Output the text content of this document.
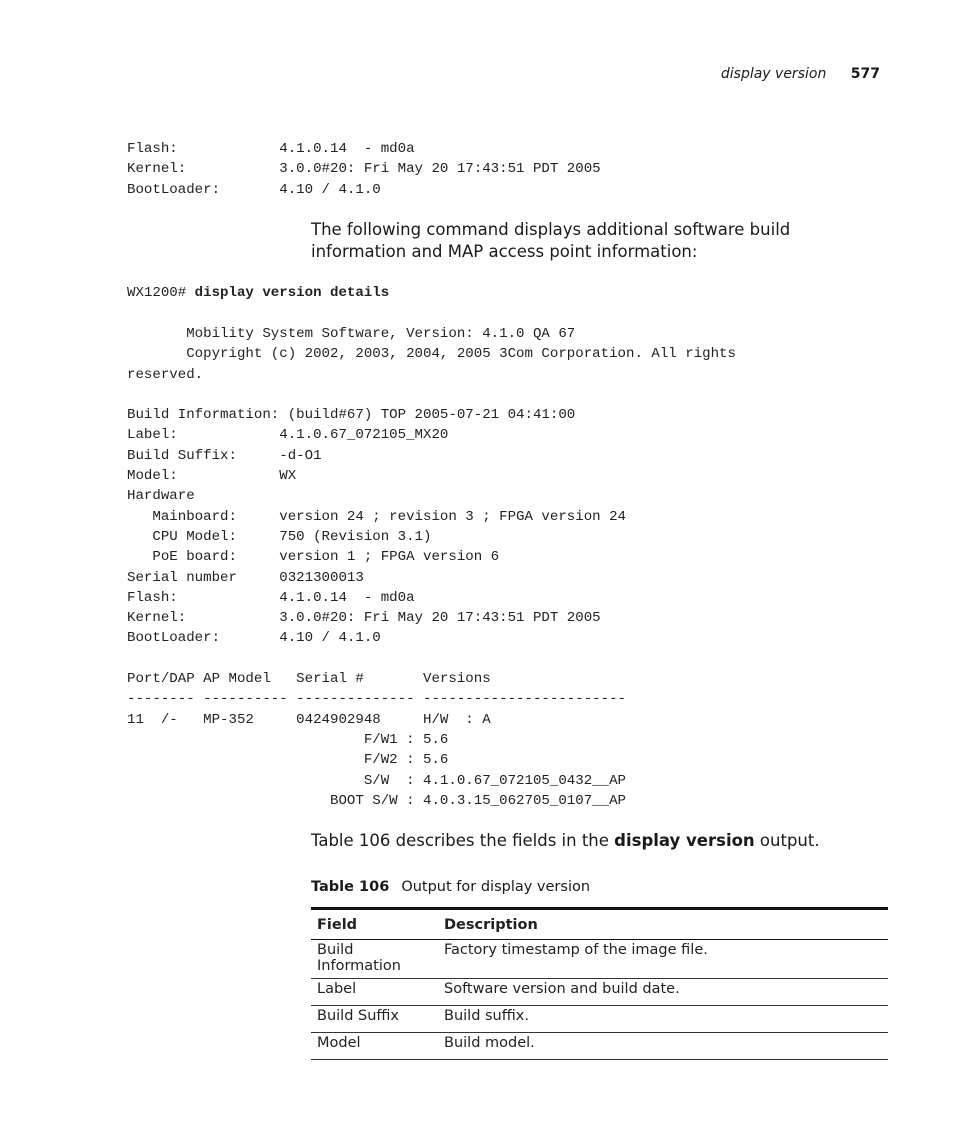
display version 577
Flash:            4.1.0.14  - md0a
Kernel:           3.0.0#20: Fri May 20 17:43:51 PDT 2005
BootLoader:       4.10 / 4.1.0

The following command displays additional software build information and MAP access point information:

WX1200# display version details
Mobility System Software, Version: 4.1.0 QA 67
Copyright (c) 2002, 2003, 2004, 2005 3Com Corporation. All rights
reserved.

Build Information: (build#67) TOP 2005-07-21 04:41:00
Label:            4.1.0.67_072105_MX20
Build Suffix:     -d-O1
Model:            WX
Hardware
Mainboard:     version 24 ; revision 3 ; FPGA version 24
CPU Model:     750 (Revision 3.1)
PoE board:     version 1 ; FPGA version 6
Serial number     0321300013
Flash:            4.1.0.14  - md0a
Kernel:           3.0.0#20: Fri May 20 17:43:51 PDT 2005
BootLoader:       4.10 / 4.1.0

Port/DAP AP Model   Serial #       Versions
-------- ---------- -------------- ------------------------
11  /-   MP-352     0424902948     H/W  : A
F/W1 : 5.6
F/W2 : 5.6
S/W  : 4.1.0.67_072105_0432__AP
BOOT S/W : 4.0.3.15_062705_0107__AP

Table 106 describes the fields in the display version output.

Table 106 Output for display version
Field	Description
Build Information	Factory timestamp of the image file.
Label	Software version and build date.
Build Suffix	Build suffix.
Model	Build model.
